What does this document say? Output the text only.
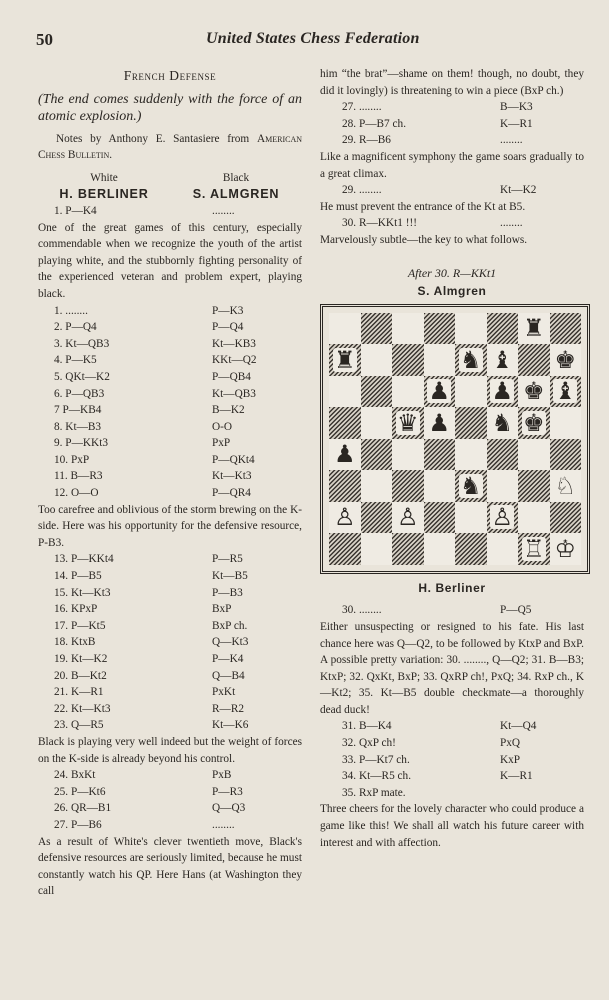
50	United States Chess Federation
French Defense
(The end comes suddenly with the force of an atomic explosion.)
Notes by Anthony E. Santasiere from American Chess Bulletin.
White	Black
H. BERLINER	S. ALMGREN
1. P—K4	........
One of the great games of this century, especially commendable when we recognize the youth of the artist playing white, and the stubbornly fighting personality of the experienced veteran and problem expert, playing black.
1. ........	P—K3
2. P—Q4	P—Q4
3. Kt—QB3	Kt—KB3
4. P—K5	KKt—Q2
5. QKt—K2	P—QB4
6. P—QB3	Kt—QB3
7 P—KB4	B—K2
8. Kt—B3	O-O
9. P—KKt3	PxP
10. PxP	P—QKt4
11. B—R3	Kt—Kt3
12. O—O	P—QR4
Too carefree and oblivious of the storm brewing on the K-side. Here was his opportunity for the defensive resource, P-B3.
13. P—KKt4	P—R5
14. P—B5	Kt—B5
15. Kt—Kt3	P—B3
16. KPxP	BxP
17. P—Kt5	BxP ch.
18. KtxB	Q—Kt3
19. Kt—K2	P—K4
20. B—Kt2	Q—B4
21. K—R1	PxKt
22. Kt—Kt3	R—R2
23. Q—R5	Kt—K6
Black is playing very well indeed but the weight of forces on the K-side is already beyond his control.
24. BxKt	PxB
25. P—Kt6	P—R3
26. QR—B1	Q—Q3
27. P—B6	........
As a result of White's clever twentieth move, Black's defensive resources are seriously limited, because he must constantly watch his QP. Here Hans (at Washington they call
him “the brat”—shame on them! though, no doubt, they did it lovingly) is threatening to win a piece (BxP ch.)
27. ........	B—K3
28. P—B7 ch.	K—R1
29. R—B6	........
Like a magnificent symphony the game soars gradually to a great climax.
29. ........	Kt—K2
He must prevent the entrance of the Kt at B5.
30. R—KKt1 !!!	........
Marvelously subtle—the key to what follows.
After 30. R—KKt1
S. Almgren
♜
♜	♞ ♝ ♚
♟ ♟ ♚ ♝
♛ ♟ ♞ ♚
♟
♞	♘
♙ ♙	♙
♖ ♔
H. Berliner
30. ........	P—Q5
Either unsuspecting or resigned to his fate. His last chance here was Q—Q2, to be followed by KtxP and BxP. A possible pretty variation: 30. ........, Q—Q2; 31. B—B3; KtxP; 32. QxKt, BxP; 33. QxRP ch!, PxQ; 34. RxP ch., K—Kt2; 35. Kt—B5 double checkmate—a thoroughly dead duck!
31. B—K4	Kt—Q4
32. QxP ch!	PxQ
33. P—Kt7 ch.	KxP
34. Kt—R5 ch.	K—R1
35. RxP mate.
Three cheers for the lovely character who could produce a game like this! We shall all watch his future career with interest and with affection.
